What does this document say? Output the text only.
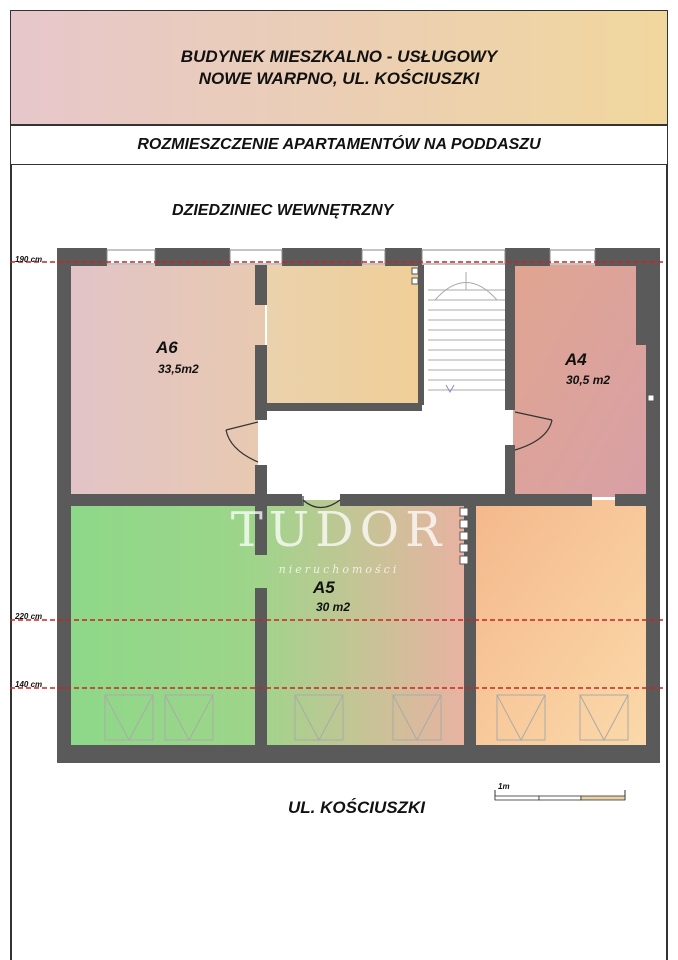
BUDYNEK MIESZKALNO - USŁUGOWY
NOWE WARPNO, UL. KOŚCIUSZKI
ROZMIESZCZENIE APARTAMENTÓW NA PODDASZU
DZIEDZINIEC WEWNĘTRZNY
190 cm
220 cm
140 cm
A6
33,5m2	A4
30,5 m2
A5
30 m2
TUDOR
nieruchomości
1m
UL. KOŚCIUSZKI
